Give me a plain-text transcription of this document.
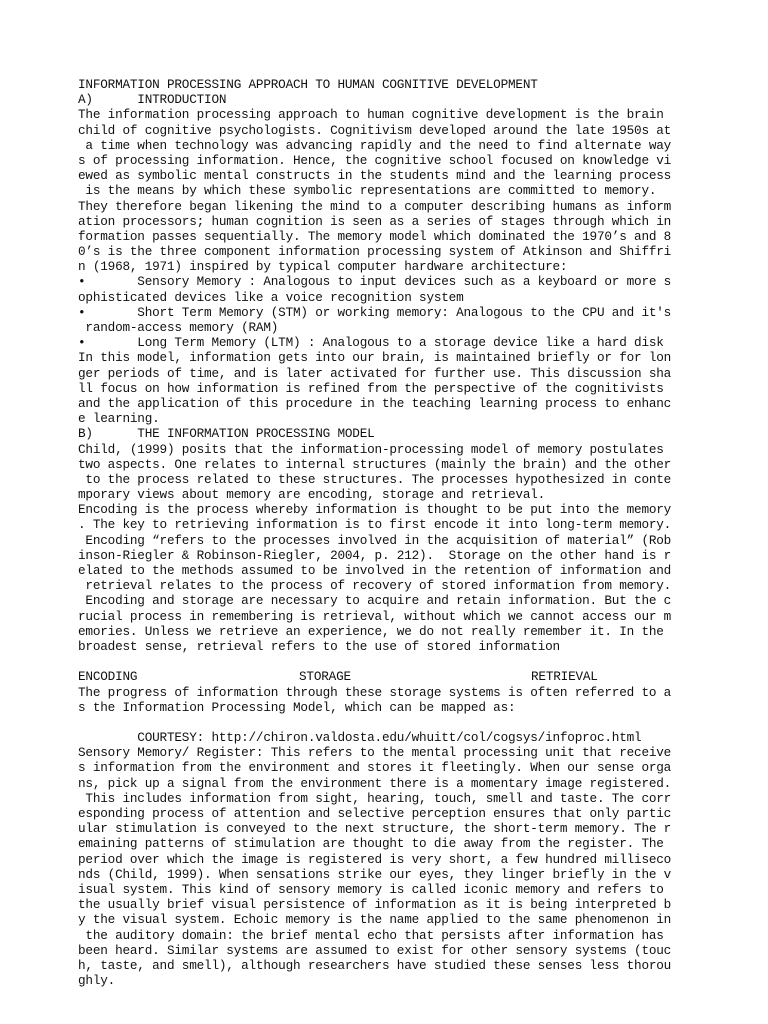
INFORMATION PROCESSING APPROACH TO HUMAN COGNITIVE DEVELOPMENT
A)      INTRODUCTION
The information processing approach to human cognitive development is the brain
child of cognitive psychologists. Cognitivism developed around the late 1950s at
a time when technology was advancing rapidly and the need to find alternate way
s of processing information. Hence, the cognitive school focused on knowledge vi
ewed as symbolic mental constructs in the students mind and the learning process
is the means by which these symbolic representations are committed to memory.
They therefore began likening the mind to a computer describing humans as inform
ation processors; human cognition is seen as a series of stages through which in
formation passes sequentially. The memory model which dominated the 1970’s and 8
0’s is the three component information processing system of Atkinson and Shiffri
n (1968, 1971) inspired by typical computer hardware architecture:
•       Sensory Memory : Analogous to input devices such as a keyboard or more s
ophisticated devices like a voice recognition system
•       Short Term Memory (STM) or working memory: Analogous to the CPU and it's
random-access memory (RAM)
•       Long Term Memory (LTM) : Analogous to a storage device like a hard disk
In this model, information gets into our brain, is maintained briefly or for lon
ger periods of time, and is later activated for further use. This discussion sha
ll focus on how information is refined from the perspective of the cognitivists
and the application of this procedure in the teaching learning process to enhanc
e learning.
B)      THE INFORMATION PROCESSING MODEL
Child, (1999) posits that the information-processing model of memory postulates
two aspects. One relates to internal structures (mainly the brain) and the other
to the process related to these structures. The processes hypothesized in conte
mporary views about memory are encoding, storage and retrieval.
Encoding is the process whereby information is thought to be put into the memory
. The key to retrieving information is to first encode it into long-term memory.
Encoding “refers to the processes involved in the acquisition of material” (Rob
inson-Riegler & Robinson-Riegler, 2004, p. 212).  Storage on the other hand is r
elated to the methods assumed to be involved in the retention of information and
retrieval relates to the process of recovery of stored information from memory.
Encoding and storage are necessary to acquire and retain information. But the c
rucial process in remembering is retrieval, without which we cannot access our m
emories. Unless we retrieve an experience, we do not really remember it. In the
broadest sense, retrieval refers to the use of stored information
ENCODING	STORAGE	RETRIEVAL
The progress of information through these storage systems is often referred to a
s the Information Processing Model, which can be mapped as:
COURTESY: http://chiron.valdosta.edu/whuitt/col/cogsys/infoproc.html
Sensory Memory/ Register: This refers to the mental processing unit that receive
s information from the environment and stores it fleetingly. When our sense orga
ns, pick up a signal from the environment there is a momentary image registered.
This includes information from sight, hearing, touch, smell and taste. The corr
esponding process of attention and selective perception ensures that only partic
ular stimulation is conveyed to the next structure, the short-term memory. The r
emaining patterns of stimulation are thought to die away from the register. The
period over which the image is registered is very short, a few hundred milliseco
nds (Child, 1999). When sensations strike our eyes, they linger briefly in the v
isual system. This kind of sensory memory is called iconic memory and refers to
the usually brief visual persistence of information as it is being interpreted b
y the visual system. Echoic memory is the name applied to the same phenomenon in
the auditory domain: the brief mental echo that persists after information has
been heard. Similar systems are assumed to exist for other sensory systems (touc
h, taste, and smell), although researchers have studied these senses less thorou
ghly.
